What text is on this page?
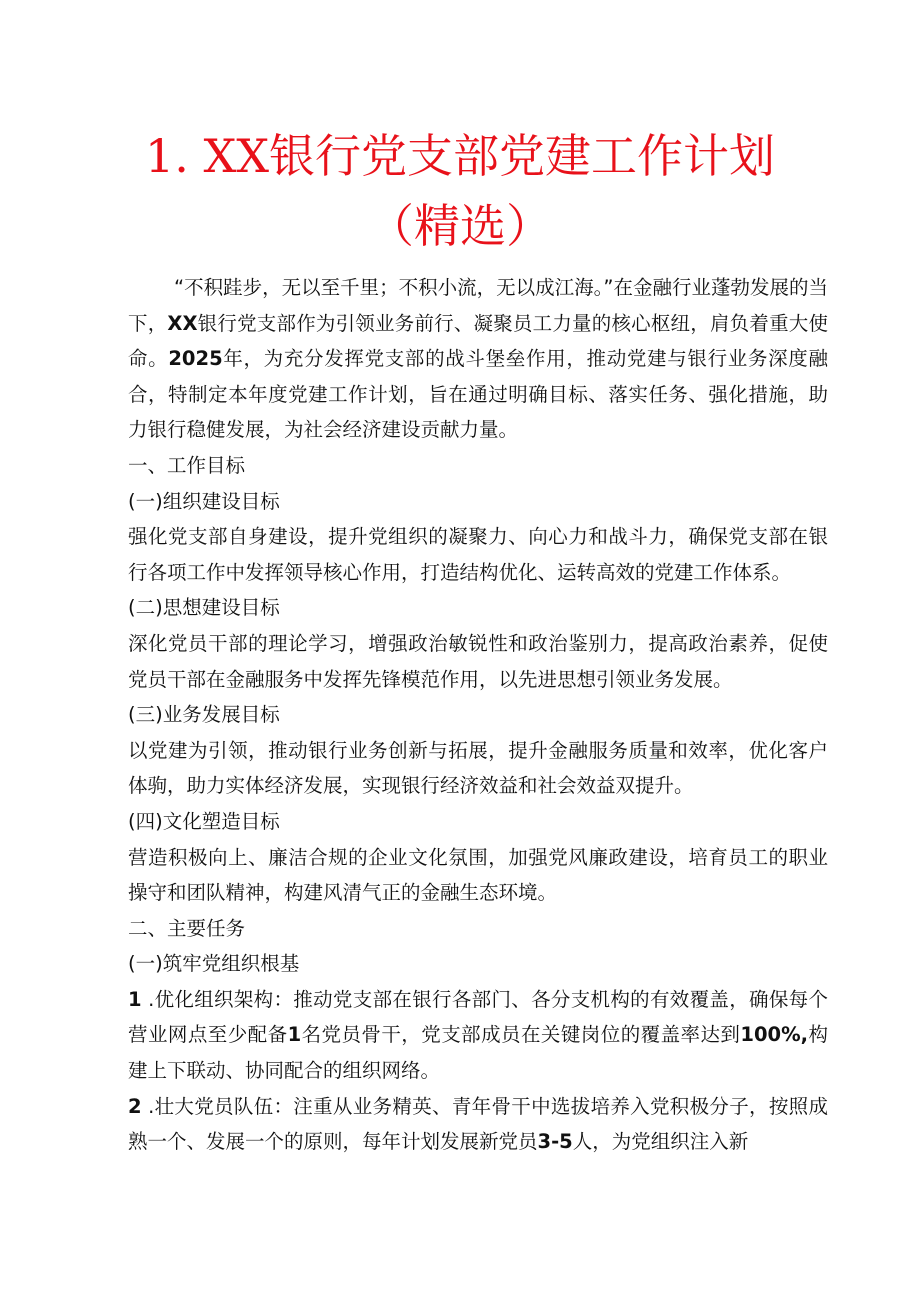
1. XX银行党支部党建工作计划
（精选）

“不积跬步，无以至千里；不积小流，无以成江海。”在金融行业蓬勃发展的当下，XX银行党支部作为引领业务前行、凝聚员工力量的核心枢纽，肩负着重大使命。2025年，为充分发挥党支部的战斗堡垒作用，推动党建与银行业务深度融合，特制定本年度党建工作计划，旨在通过明确目标、落实任务、强化措施，助力银行稳健发展，为社会经济建设贡献力量。

一、工作目标

(一)组织建设目标

强化党支部自身建设，提升党组织的凝聚力、向心力和战斗力，确保党支部在银行各项工作中发挥领导核心作用，打造结构优化、运转高效的党建工作体系。

(二)思想建设目标

深化党员干部的理论学习，增强政治敏锐性和政治鉴别力，提高政治素养，促使党员干部在金融服务中发挥先锋模范作用，以先进思想引领业务发展。

(三)业务发展目标

以党建为引领，推动银行业务创新与拓展，提升金融服务质量和效率，优化客户体驹，助力实体经济发展，实现银行经济效益和社会效益双提升。

(四)文化塑造目标

营造积极向上、廉洁合规的企业文化氛围，加强党风廉政建设，培育员工的职业操守和团队精神，构建风清气正的金融生态环境。

二、主要任务

(一)筑牢党组织根基

1 .优化组织架构：推动党支部在银行各部门、各分支机构的有效覆盖，确保每个营业网点至少配备1名党员骨干，党支部成员在关键岗位的覆盖率达到100%,构建上下联动、协同配合的组织网络。

2 .壮大党员队伍：注重从业务精英、青年骨干中选拔培养入党积极分子，按照成熟一个、发展一个的原则，每年计划发展新党员3-5人，为党组织注入新
